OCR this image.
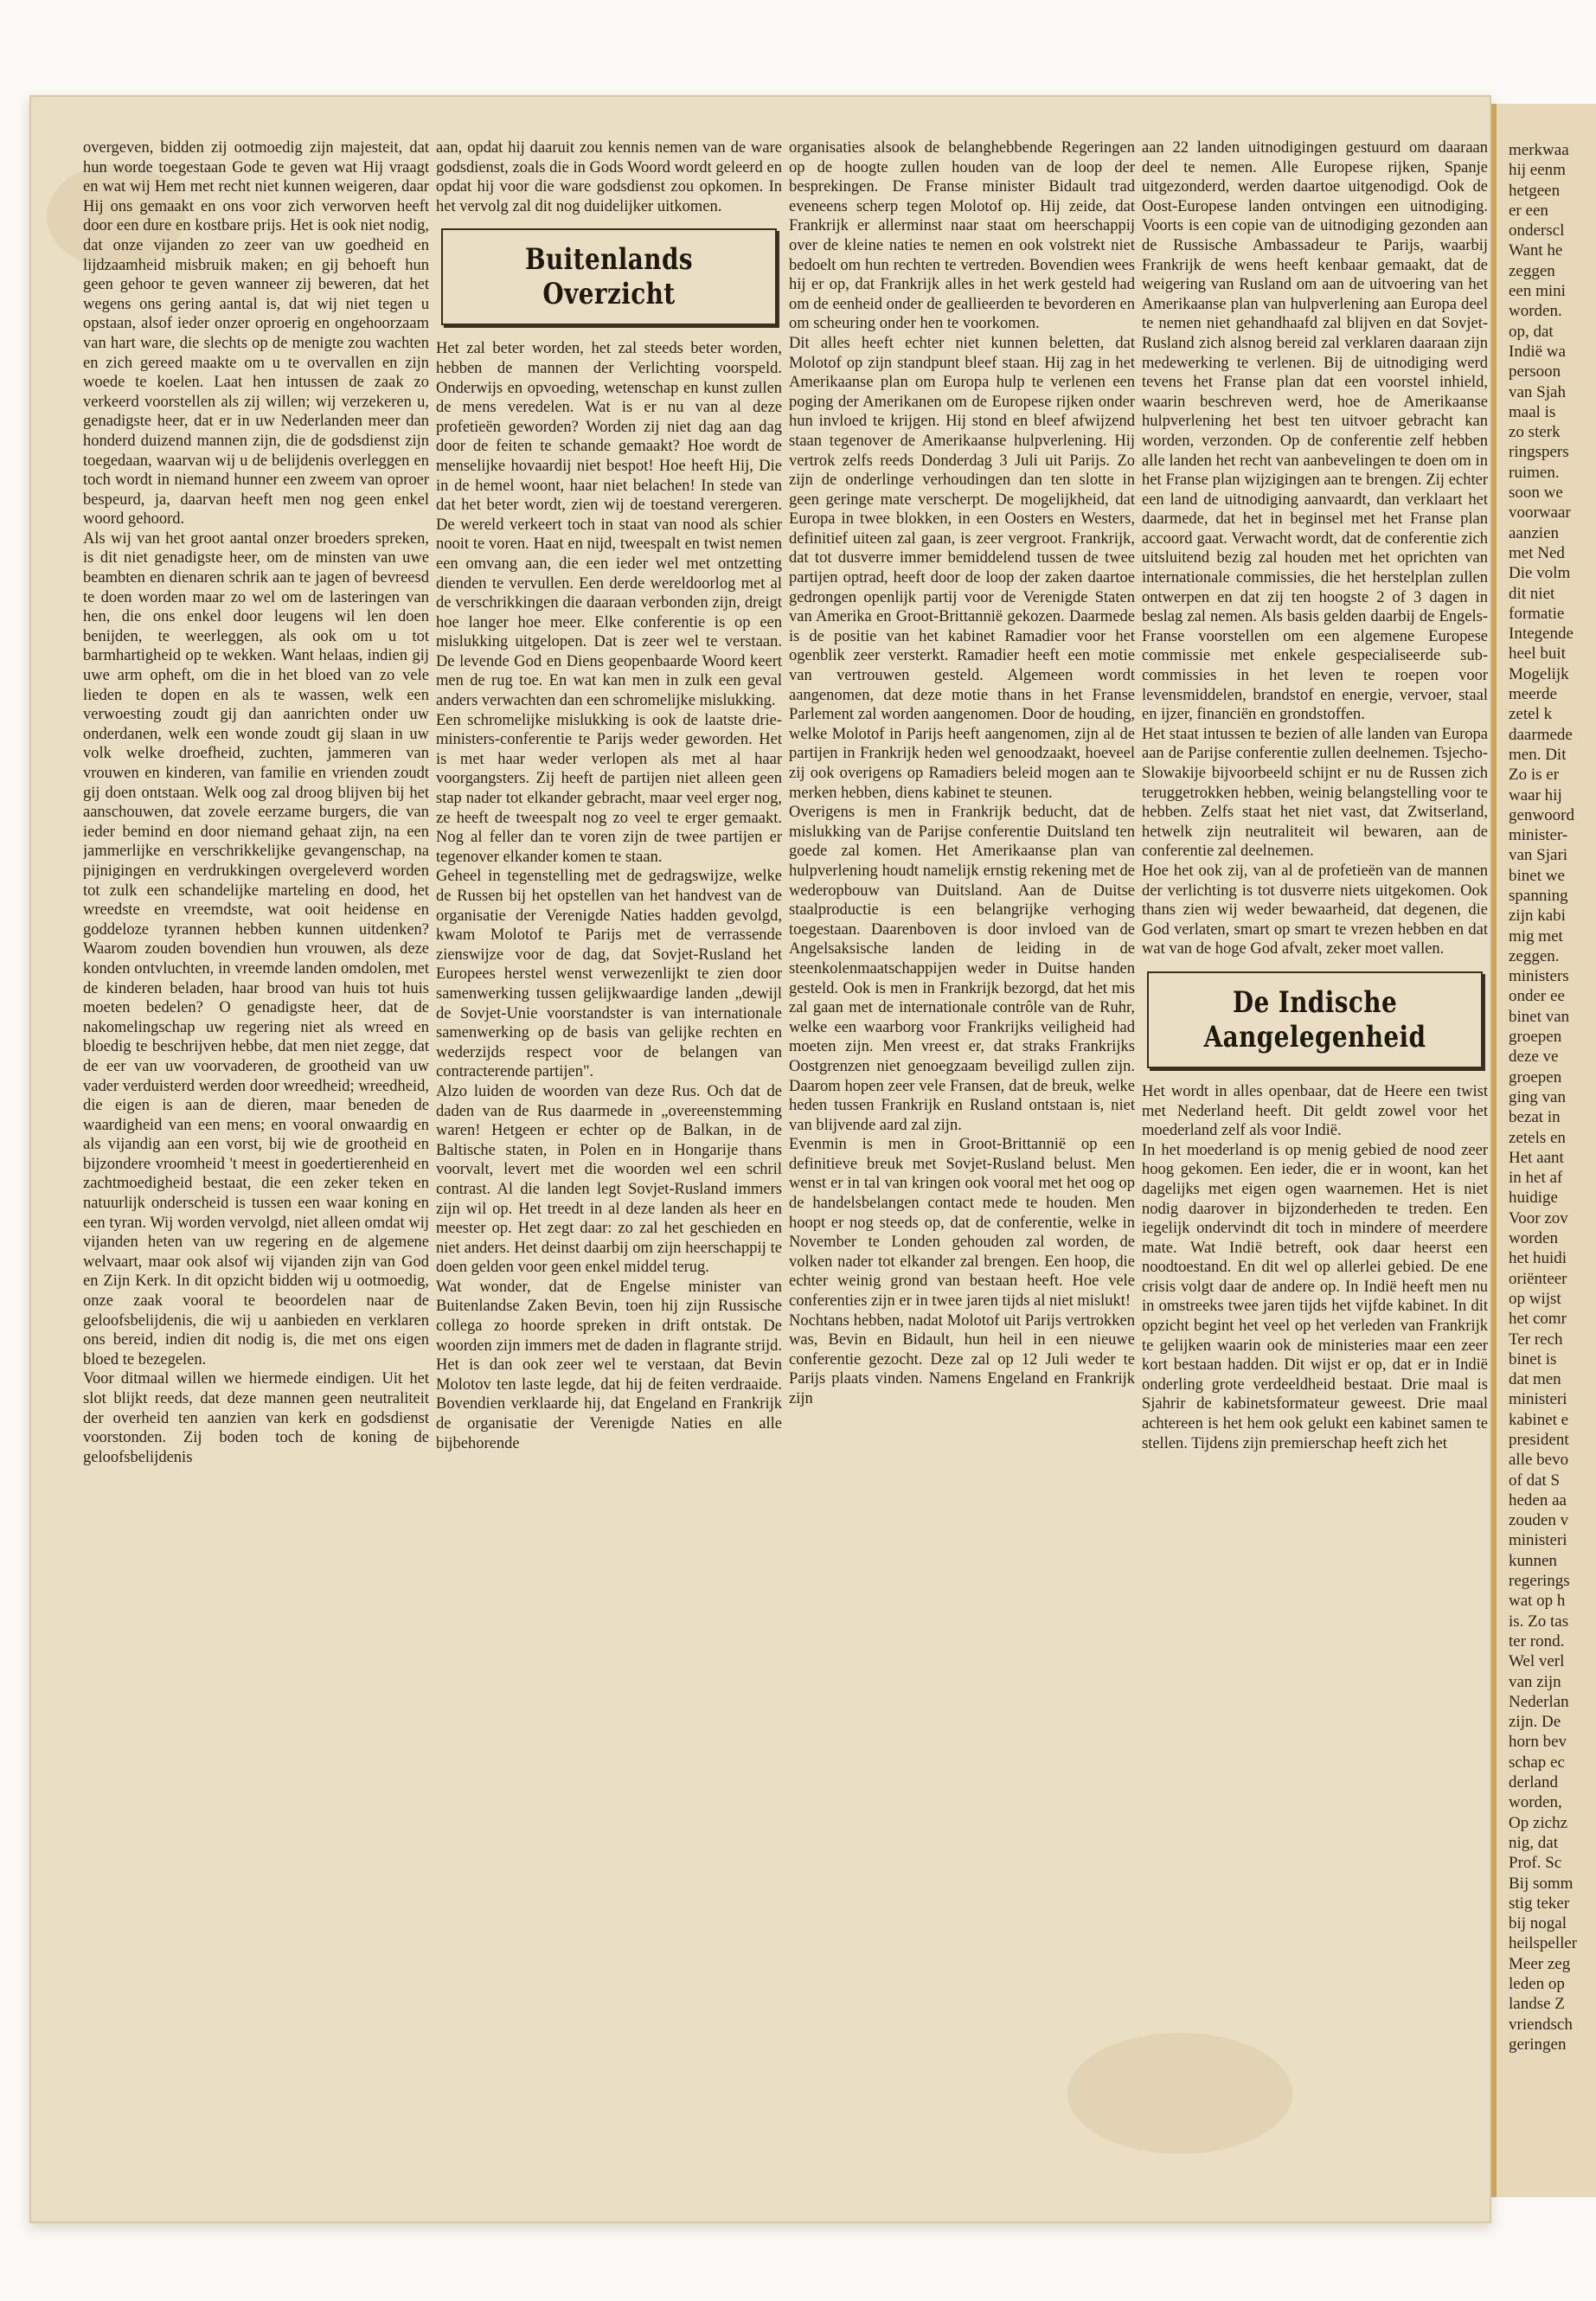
merkwaa
hij eenm
hetgeen
er een
onderscl
Want he
zeggen
een mini
worden.
op, dat
Indië wa
persoon
van Sjah
maal is
zo sterk
ringspers
ruimen.
soon we
voorwaar
aanzien
met Ned
Die volm
dit niet
formatie
Integende
heel buit
Mogelijk
meerde
zetel k
daarmede
men. Dit
Zo is er
waar hij
genwoord
minister-
van Sjari
binet we
spanning
zijn kabi
mig met
zeggen.
ministers
onder ee
binet van
groepen
deze ve
groepen
ging van
bezat in
zetels en
Het aant
in het af
huidige
Voor zov
worden
het huidi
oriënteer
op wijst
het comr
Ter rech
binet is
dat men
ministeri
kabinet e
president
alle bevo
of dat S
heden aa
zouden v
ministeri
kunnen
regerings
wat op h
is. Zo tas
ter rond.
Wel verl
van zijn
Nederlan
zijn. De
horn bev
schap ec
derland
worden,
Op zichz
nig, dat
Prof. Sc
Bij somm
stig teker
bij nogal
heilspeller
Meer zeg
leden op
landse Z
vriendsch
geringen

overgeven, bidden zij ootmoedig zijn majesteit, dat hun worde toegestaan Gode te geven wat Hij vraagt en wat wij Hem met recht niet kunnen weigeren, daar Hij ons gemaakt en ons voor zich verworven heeft door een dure en kostbare prijs. Het is ook niet nodig, dat onze vijanden zo zeer van uw goedheid en lijdzaamheid misbruik maken; en gij behoeft hun geen gehoor te geven wanneer zij beweren, dat het wegens ons gering aantal is, dat wij niet tegen u opstaan, alsof ieder onzer oproerig en ongehoorzaam van hart ware, die slechts op de menigte zou wachten en zich gereed maakte om u te overvallen en zijn woede te koelen. Laat hen intussen de zaak zo verkeerd voorstellen als zij willen; wij verzekeren u, genadigste heer, dat er in uw Nederlanden meer dan honderd duizend mannen zijn, die de godsdienst zijn toegedaan, waarvan wij u de belijdenis overleggen en toch wordt in niemand hunner een zweem van oproer bespeurd, ja, daarvan heeft men nog geen enkel woord gehoord.

Als wij van het groot aantal onzer broeders spreken, is dit niet genadigste heer, om de minsten van uwe beambten en dienaren schrik aan te jagen of bevreesd te doen worden maar zo wel om de lasteringen van hen, die ons enkel door leugens wil len doen benijden, te weerleggen, als ook om u tot barmhartigheid op te wekken. Want helaas, indien gij uwe arm opheft, om die in het bloed van zo vele lieden te dopen en als te wassen, welk een verwoesting zoudt gij dan aanrichten onder uw onderdanen, welk een wonde zoudt gij slaan in uw volk welke droefheid, zuchten, jammeren van vrouwen en kinderen, van familie en vrienden zoudt gij doen ontstaan. Welk oog zal droog blijven bij het aanschouwen, dat zovele eerzame burgers, die van ieder bemind en door niemand gehaat zijn, na een jammerlijke en verschrikkelijke gevangenschap, na pijnigingen en verdrukkingen overgeleverd worden tot zulk een schandelijke marteling en dood, het wreedste en vreemdste, wat ooit heidense en goddeloze tyrannen hebben kunnen uitdenken? Waarom zouden bovendien hun vrouwen, als deze konden ontvluchten, in vreemde landen omdolen, met de kinderen beladen, haar brood van huis tot huis moeten bedelen? O genadigste heer, dat de nakomelingschap uw regering niet als wreed en bloedig te beschrijven hebbe, dat men niet zegge, dat de eer van uw voorvaderen, de grootheid van uw vader verduisterd werden door wreedheid; wreedheid, die eigen is aan de dieren, maar beneden de waardigheid van een mens; en vooral onwaardig en als vijandig aan een vorst, bij wie de grootheid en bijzondere vroomheid 't meest in goedertierenheid en zachtmoedigheid bestaat, die een zeker teken en natuurlijk onderscheid is tussen een waar koning en een tyran. Wij worden vervolgd, niet alleen omdat wij vijanden heten van uw regering en de algemene welvaart, maar ook alsof wij vijanden zijn van God en Zijn Kerk. In dit opzicht bidden wij u ootmoedig, onze zaak vooral te beoordelen naar de geloofsbelijdenis, die wij u aanbieden en verklaren ons bereid, indien dit nodig is, die met ons eigen bloed te bezegelen.

Voor ditmaal willen we hiermede eindigen. Uit het slot blijkt reeds, dat deze mannen geen neutraliteit der overheid ten aanzien van kerk en godsdienst voorstonden. Zij boden toch de koning de geloofsbelijdenis

aan, opdat hij daaruit zou kennis nemen van de ware godsdienst, zoals die in Gods Woord wordt geleerd en opdat hij voor die ware godsdienst zou opkomen. In het vervolg zal dit nog duidelijker uitkomen.

Buitenlands Overzicht

Het zal beter worden, het zal steeds beter worden, hebben de mannen der Verlichting voorspeld. Onderwijs en opvoeding, wetenschap en kunst zullen de mens veredelen. Wat is er nu van al deze profetieën geworden? Worden zij niet dag aan dag door de feiten te schande gemaakt? Hoe wordt de menselijke hovaardij niet bespot! Hoe heeft Hij, Die in de hemel woont, haar niet belachen! In stede van dat het beter wordt, zien wij de toestand verergeren. De wereld verkeert toch in staat van nood als schier nooit te voren. Haat en nijd, tweespalt en twist nemen een omvang aan, die een ieder wel met ontzetting dienden te vervullen. Een derde wereldoorlog met al de verschrikkingen die daaraan verbonden zijn, dreigt hoe langer hoe meer. Elke conferentie is op een mislukking uitgelopen. Dat is zeer wel te verstaan. De levende God en Diens geopenbaarde Woord keert men de rug toe. En wat kan men in zulk een geval anders verwachten dan een schromelijke mislukking.

Een schromelijke mislukking is ook de laatste drie-ministers-conferentie te Parijs weder geworden. Het is met haar weder verlopen als met al haar voorgangsters. Zij heeft de partijen niet alleen geen stap nader tot elkander gebracht, maar veel erger nog, ze heeft de tweespalt nog zo veel te erger gemaakt. Nog al feller dan te voren zijn de twee partijen er tegenover elkander komen te staan.

Geheel in tegenstelling met de gedragswijze, welke de Russen bij het opstellen van het handvest van de organisatie der Verenigde Naties hadden gevolgd, kwam Molotof te Parijs met de verrassende zienswijze voor de dag, dat Sovjet-Rusland het Europees herstel wenst verwezenlijkt te zien door samenwerking tussen gelijkwaardige landen „dewijl de Sovjet-Unie voorstandster is van internationale samenwerking op de basis van gelijke rechten en wederzijds respect voor de belangen van contracterende partijen".

Alzo luiden de woorden van deze Rus. Och dat de daden van de Rus daarmede in „overeenstemming waren! Hetgeen er echter op de Balkan, in de Baltische staten, in Polen en in Hongarije thans voorvalt, levert met die woorden wel een schril contrast. Al die landen legt Sovjet-Rusland immers zijn wil op. Het treedt in al deze landen als heer en meester op. Het zegt daar: zo zal het geschieden en niet anders. Het deinst daarbij om zijn heerschappij te doen gelden voor geen enkel middel terug.

Wat wonder, dat de Engelse minister van Buitenlandse Zaken Bevin, toen hij zijn Russische collega zo hoorde spreken in drift ontstak. De woorden zijn immers met de daden in flagrante strijd. Het is dan ook zeer wel te verstaan, dat Bevin Molotov ten laste legde, dat hij de feiten verdraaide. Bovendien verklaarde hij, dat Engeland en Frankrijk de organisatie der Verenigde Naties en alle bijbehorende

organisaties alsook de belanghebbende Regeringen op de hoogte zullen houden van de loop der besprekingen. De Franse minister Bidault trad eveneens scherp tegen Molotof op. Hij zeide, dat Frankrijk er allerminst naar staat om heerschappij over de kleine naties te nemen en ook volstrekt niet bedoelt om hun rechten te vertreden. Bovendien wees hij er op, dat Frankrijk alles in het werk gesteld had om de eenheid onder de geallieerden te bevorderen en om scheuring onder hen te voorkomen.

Dit alles heeft echter niet kunnen beletten, dat Molotof op zijn standpunt bleef staan. Hij zag in het Amerikaanse plan om Europa hulp te verlenen een poging der Amerikanen om de Europese rijken onder hun invloed te krijgen. Hij stond en bleef afwijzend staan tegenover de Amerikaanse hulpverlening. Hij vertrok zelfs reeds Donderdag 3 Juli uit Parijs. Zo zijn de onderlinge verhoudingen dan ten slotte in geen geringe mate verscherpt. De mogelijkheid, dat Europa in twee blokken, in een Oosters en Westers, definitief uiteen zal gaan, is zeer vergroot. Frankrijk, dat tot dusverre immer bemiddelend tussen de twee partijen optrad, heeft door de loop der zaken daartoe gedrongen openlijk partij voor de Verenigde Staten van Amerika en Groot-Brittannië gekozen. Daarmede is de positie van het kabinet Ramadier voor het ogenblik zeer versterkt. Ramadier heeft een motie van vertrouwen gesteld. Algemeen wordt aangenomen, dat deze motie thans in het Franse Parlement zal worden aangenomen. Door de houding, welke Molotof in Parijs heeft aangenomen, zijn al de partijen in Frankrijk heden wel genoodzaakt, hoeveel zij ook overigens op Ramadiers beleid mogen aan te merken hebben, diens kabinet te steunen.

Overigens is men in Frankrijk beducht, dat de mislukking van de Parijse conferentie Duitsland ten goede zal komen. Het Amerikaanse plan van hulpverlening houdt namelijk ernstig rekening met de wederopbouw van Duitsland. Aan de Duitse staalproductie is een belangrijke verhoging toegestaan. Daarenboven is door invloed van de Angelsaksische landen de leiding in de steenkolenmaatschappijen weder in Duitse handen gesteld. Ook is men in Frankrijk bezorgd, dat het mis zal gaan met de internationale contrôle van de Ruhr, welke een waarborg voor Frankrijks veiligheid had moeten zijn. Men vreest er, dat straks Frankrijks Oostgrenzen niet genoegzaam beveiligd zullen zijn. Daarom hopen zeer vele Fransen, dat de breuk, welke heden tussen Frankrijk en Rusland ontstaan is, niet van blijvende aard zal zijn.

Evenmin is men in Groot-Brittannië op een definitieve breuk met Sovjet-Rusland belust. Men wenst er in tal van kringen ook vooral met het oog op de handelsbelangen contact mede te houden. Men hoopt er nog steeds op, dat de conferentie, welke in November te Londen gehouden zal worden, de volken nader tot elkander zal brengen. Een hoop, die echter weinig grond van bestaan heeft. Hoe vele conferenties zijn er in twee jaren tijds al niet mislukt!

Nochtans hebben, nadat Molotof uit Parijs vertrokken was, Bevin en Bidault, hun heil in een nieuwe conferentie gezocht. Deze zal op 12 Juli weder te Parijs plaats vinden. Namens Engeland en Frankrijk zijn

aan 22 landen uitnodigingen gestuurd om daaraan deel te nemen. Alle Europese rijken, Spanje uitgezonderd, werden daartoe uitgenodigd. Ook de Oost-Europese landen ontvingen een uitnodiging. Voorts is een copie van de uitnodiging gezonden aan de Russische Ambassadeur te Parijs, waarbij Frankrijk de wens heeft kenbaar gemaakt, dat de weigering van Rusland om aan de uitvoering van het Amerikaanse plan van hulpverlening aan Europa deel te nemen niet gehandhaafd zal blijven en dat Sovjet-Rusland zich alsnog bereid zal verklaren daaraan zijn medewerking te verlenen. Bij de uitnodiging werd tevens het Franse plan dat een voorstel inhield, waarin beschreven werd, hoe de Amerikaanse hulpverlening het best ten uitvoer gebracht kan worden, verzonden. Op de conferentie zelf hebben alle landen het recht van aanbevelingen te doen om in het Franse plan wijzigingen aan te brengen. Zij echter een land de uitnodiging aanvaardt, dan verklaart het daarmede, dat het in beginsel met het Franse plan accoord gaat. Verwacht wordt, dat de conferentie zich uitsluitend bezig zal houden met het oprichten van internationale commissies, die het herstelplan zullen ontwerpen en dat zij ten hoogste 2 of 3 dagen in beslag zal nemen. Als basis gelden daarbij de Engels-Franse voorstellen om een algemene Europese commissie met enkele gespecialiseerde sub-commissies in het leven te roepen voor levensmiddelen, brandstof en energie, vervoer, staal en ijzer, financiën en grondstoffen.

Het staat intussen te bezien of alle landen van Europa aan de Parijse conferentie zullen deelnemen. Tsjecho-Slowakije bijvoorbeeld schijnt er nu de Russen zich teruggetrokken hebben, weinig belangstelling voor te hebben. Zelfs staat het niet vast, dat Zwitserland, hetwelk zijn neutraliteit wil bewaren, aan de conferentie zal deelnemen.

Hoe het ook zij, van al de profetieën van de mannen der verlichting is tot dusverre niets uitgekomen. Ook thans zien wij weder bewaarheid, dat degenen, die God verlaten, smart op smart te vrezen hebben en dat wat van de hoge God afvalt, zeker moet vallen.

De Indische Aangelegenheid

Het wordt in alles openbaar, dat de Heere een twist met Nederland heeft. Dit geldt zowel voor het moederland zelf als voor Indië.

In het moederland is op menig gebied de nood zeer hoog gekomen. Een ieder, die er in woont, kan het dagelijks met eigen ogen waarnemen. Het is niet nodig daarover in bijzonderheden te treden. Een iegelijk ondervindt dit toch in mindere of meerdere mate. Wat Indië betreft, ook daar heerst een noodtoestand. En dit wel op allerlei gebied. De ene crisis volgt daar de andere op. In Indië heeft men nu in omstreeks twee jaren tijds het vijfde kabinet. In dit opzicht begint het veel op het verleden van Frankrijk te gelijken waarin ook de ministeries maar een zeer kort bestaan hadden. Dit wijst er op, dat er in Indië onderling grote verdeeldheid bestaat. Drie maal is Sjahrir de kabinetsformateur geweest. Drie maal achtereen is het hem ook gelukt een kabinet samen te stellen. Tijdens zijn premierschap heeft zich het
